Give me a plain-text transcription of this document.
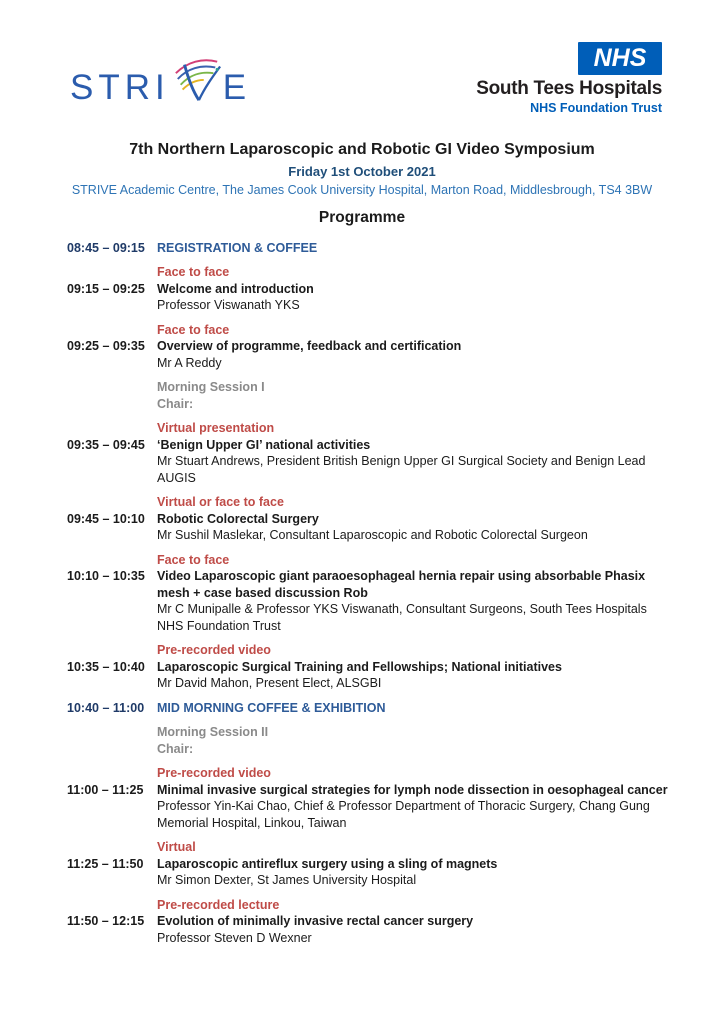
STRI E
NHS
South Tees Hospitals
NHS Foundation Trust
7th Northern Laparoscopic and Robotic GI Video Symposium
Friday 1st October 2021
STRIVE Academic Centre, The James Cook University Hospital, Marton Road, Middlesbrough, TS4 3BW
Programme
08:45 – 09:15 REGISTRATION & COFFEE
Face to face
09:15 – 09:25 Welcome and introduction
Professor Viswanath YKS
Face to face
09:25 – 09:35 Overview of programme, feedback and certification
Mr A Reddy
Morning Session I
Chair:
Virtual presentation
09:35 – 09:45 ‘Benign Upper GI’ national activities
Mr Stuart Andrews, President British Benign Upper GI Surgical Society and Benign Lead AUGIS
Virtual or face to face
09:45 – 10:10 Robotic Colorectal Surgery
Mr Sushil Maslekar, Consultant Laparoscopic and Robotic Colorectal Surgeon
Face to face
10:10 – 10:35 Video Laparoscopic giant paraoesophageal hernia repair using absorbable Phasix mesh + case based discussion Rob
Mr C Munipalle & Professor YKS Viswanath, Consultant Surgeons, South Tees Hospitals NHS Foundation Trust
Pre-recorded video
10:35 – 10:40 Laparoscopic Surgical Training and Fellowships; National initiatives
Mr David Mahon, Present Elect, ALSGBI
10:40 – 11:00	MID MORNING COFFEE & EXHIBITION
Morning Session II
Chair:
Pre-recorded video
11:00 – 11:25	Minimal invasive surgical strategies for lymph node dissection in oesophageal cancer
Professor Yin-Kai Chao, Chief & Professor Department of Thoracic Surgery, Chang Gung Memorial Hospital, Linkou, Taiwan
Virtual
11:25 – 11:50	Laparoscopic antireflux surgery using a sling of magnets
Mr Simon Dexter, St James University Hospital
Pre-recorded lecture
11:50 – 12:15	Evolution of minimally invasive rectal cancer surgery
Professor Steven D Wexner
